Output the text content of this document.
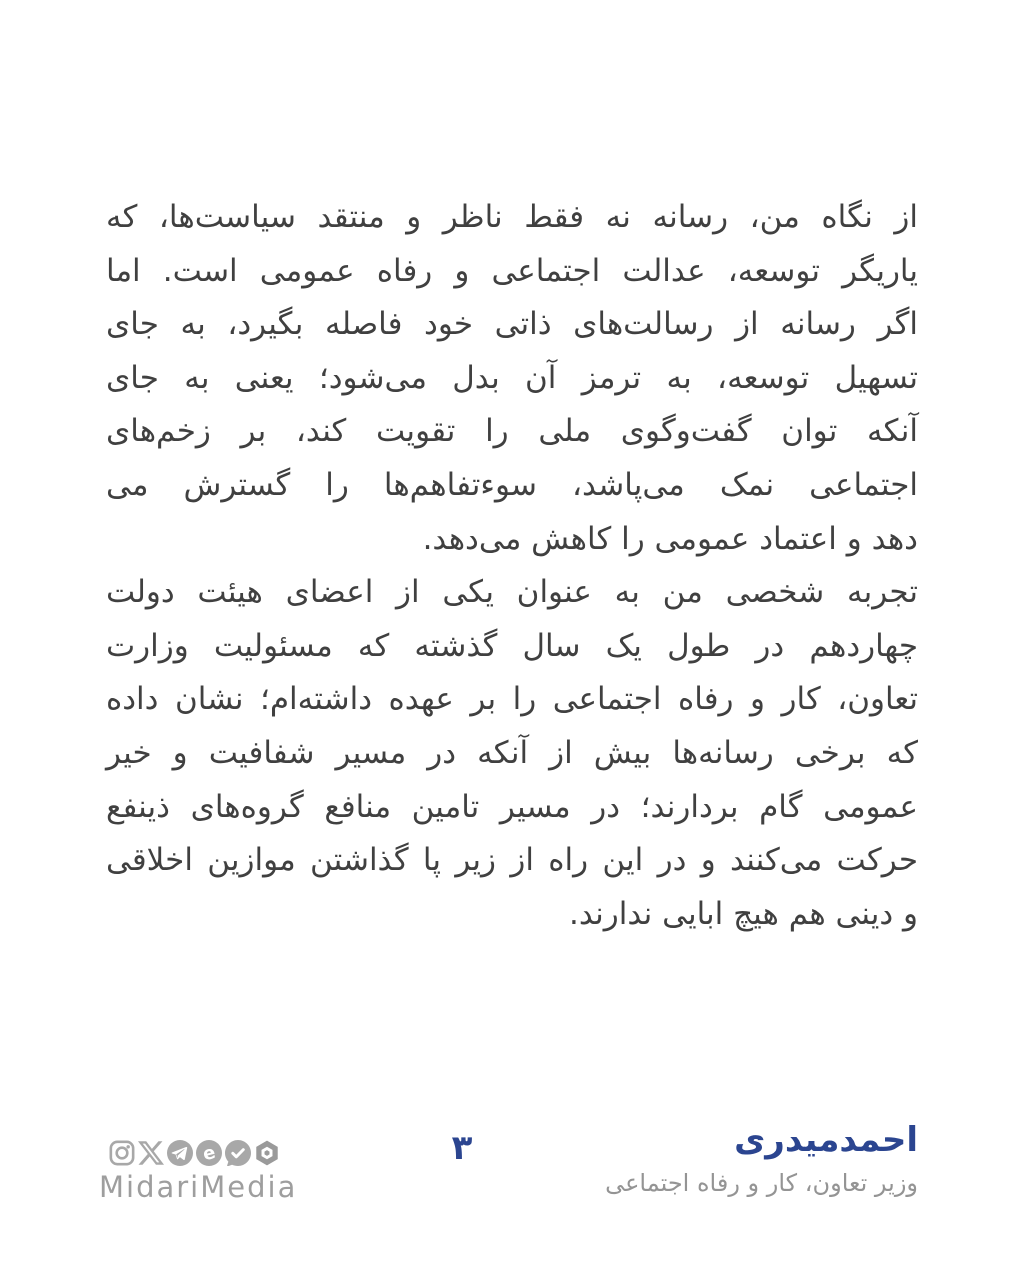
از نگاه من، رسانه نه فقط ناظر و منتقد سیاست‌ها، که

یاریگر توسعه، عدالت اجتماعی و رفاه عمومی است. اما

اگر رسانه از رسالت‌های ذاتی خود فاصله بگیرد، به جای

تسهیل توسعه، به ترمز آن بدل می‌شود؛ یعنی به جای

آنکه توان گفت‌وگوی ملی را تقویت کند، بر زخم‌های

اجتماعی نمک می‌پاشد، سوءتفاهم‌ها را گسترش می

دهد و اعتماد عمومی را کاهش می‌دهد.

تجربه شخصی من به عنوان یکی از اعضای هیئت دولت

چهاردهم در طول یک سال گذشته که مسئولیت وزارت

تعاون، کار و رفاه اجتماعی را بر عهده داشته‌ام؛ نشان داده

که برخی رسانه‌ها بیش از آنکه در مسیر شفافیت و خیر

عمومی گام بردارند؛ در مسیر تامین منافع گروه‌های ذینفع

حرکت می‌کنند و در این راه از زیر پا گذاشتن موازین اخلاقی

و دینی هم هیچ ابایی ندارند.

احمدمیدری
وزیر تعاون، کار و رفاه اجتماعی
۳
e
MidariMedia
